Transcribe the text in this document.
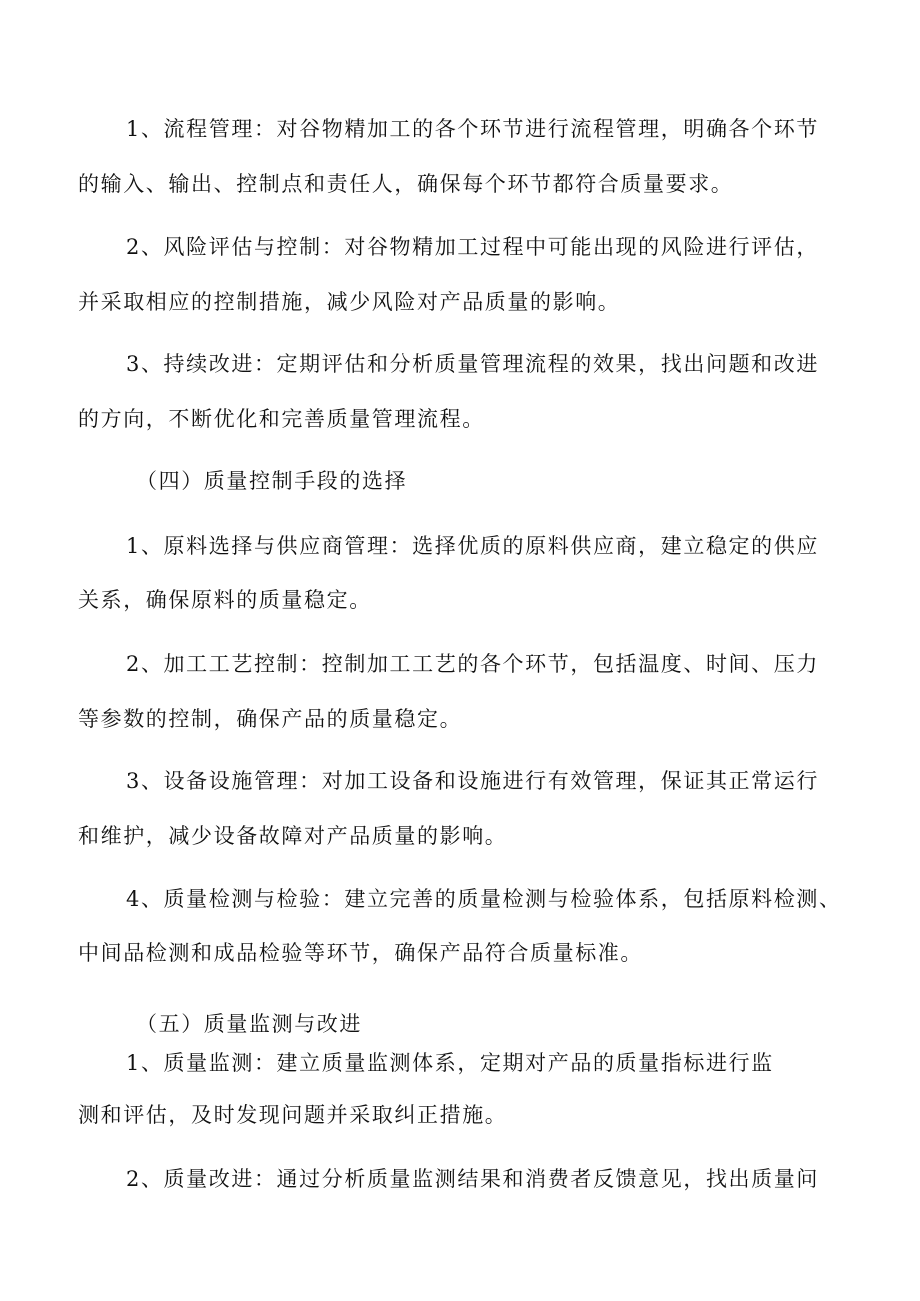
1、流程管理：对谷物精加工的各个环节进行流程管理，明确各个环节
的输入、输出、控制点和责任人，确保每个环节都符合质量要求。
2、风险评估与控制：对谷物精加工过程中可能出现的风险进行评估，
并采取相应的控制措施，减少风险对产品质量的影响。
3、持续改进：定期评估和分析质量管理流程的效果，找出问题和改进
的方向，不断优化和完善质量管理流程。
（四）质量控制手段的选择
1、原料选择与供应商管理：选择优质的原料供应商，建立稳定的供应
关系，确保原料的质量稳定。
2、加工工艺控制：控制加工工艺的各个环节，包括温度、时间、压力
等参数的控制，确保产品的质量稳定。
3、设备设施管理：对加工设备和设施进行有效管理，保证其正常运行
和维护，减少设备故障对产品质量的影响。
4、质量检测与检验：建立完善的质量检测与检验体系，包括原料检测、
中间品检测和成品检验等环节，确保产品符合质量标准。
（五）质量监测与改进
1、质量监测：建立质量监测体系，定期对产品的质量指标进行监
测和评估，及时发现问题并采取纠正措施。
2、质量改进：通过分析质量监测结果和消费者反馈意见，找出质量问
